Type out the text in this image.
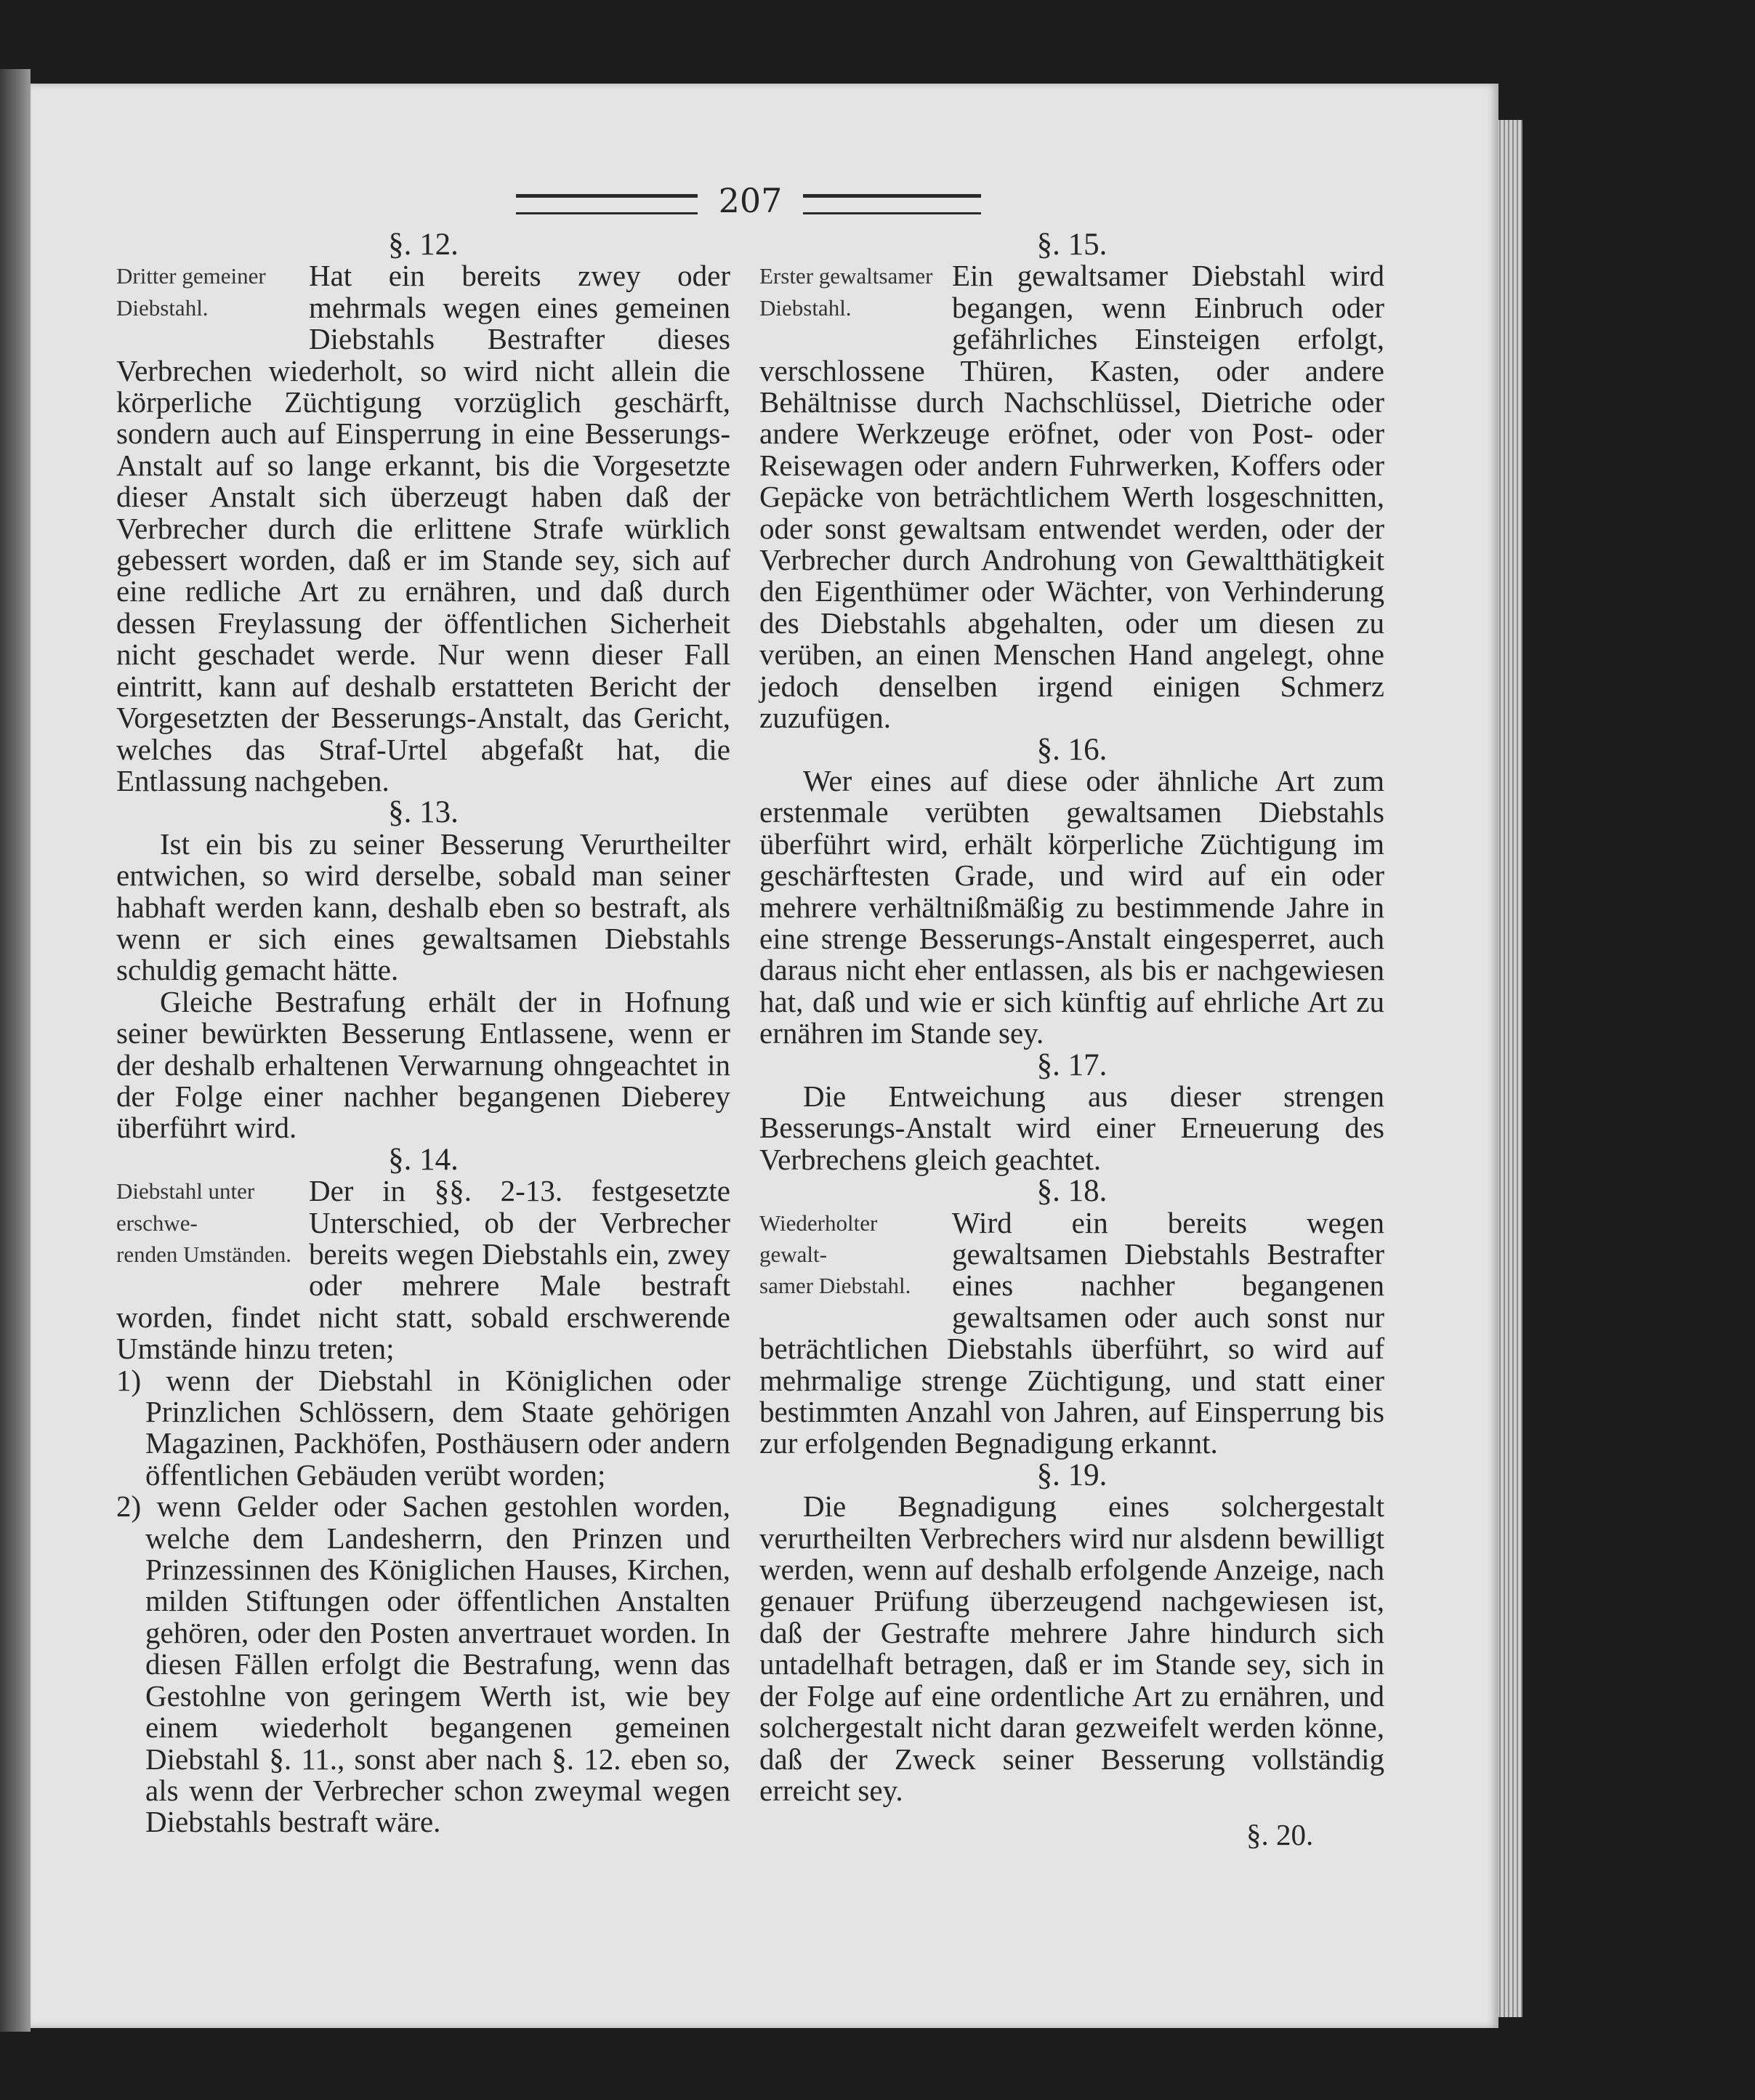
207
§. 12.
Dritter gemeiner
Diebstahl.
Hat ein bereits zwey oder mehrmals wegen eines gemeinen Diebstahls Bestrafter dieses Verbrechen wiederholt, so wird nicht allein die körperliche Züchtigung vorzüglich geschärft, sondern auch auf Einsperrung in eine Besserungs-Anstalt auf so lange erkannt, bis die Vorgesetzte dieser Anstalt sich überzeugt haben daß der Verbrecher durch die erlittene Strafe würklich gebessert worden, daß er im Stande sey, sich auf eine redliche Art zu ernähren, und daß durch dessen Freylassung der öffentlichen Sicherheit nicht geschadet werde. Nur wenn dieser Fall eintritt, kann auf deshalb erstatteten Bericht der Vorgesetzten der Besserungs-Anstalt, das Gericht, welches das Straf-Urtel abgefaßt hat, die Entlassung nachgeben.
§. 13.
Ist ein bis zu seiner Besserung Verurtheilter entwichen, so wird derselbe, sobald man seiner habhaft werden kann, deshalb eben so bestraft, als wenn er sich eines gewaltsamen Diebstahls schuldig gemacht hätte.
Gleiche Bestrafung erhält der in Hofnung seiner bewürkten Besserung Entlassene, wenn er der deshalb erhaltenen Verwarnung ohngeachtet in der Folge einer nachher begangenen Dieberey überführt wird.
§. 14.
Diebstahl unter erschwe-
renden Umständen.
Der in §§. 2-13. festgesetzte Unterschied, ob der Verbrecher bereits wegen Diebstahls ein, zwey oder mehrere Male bestraft worden, findet nicht statt, sobald erschwerende Umstände hinzu treten;
1) wenn der Diebstahl in Königlichen oder Prinzlichen Schlössern, dem Staate gehörigen Magazinen, Packhöfen, Posthäusern oder andern öffentlichen Gebäuden verübt worden;
2) wenn Gelder oder Sachen gestohlen worden, welche dem Landesherrn, den Prinzen und Prinzessinnen des Königlichen Hauses, Kirchen, milden Stiftungen oder öffentlichen Anstalten gehören, oder den Posten anvertrauet worden. In diesen Fällen erfolgt die Bestrafung, wenn das Gestohlne von geringem Werth ist, wie bey einem wiederholt begangenen gemeinen Diebstahl §. 11., sonst aber nach §. 12. eben so, als wenn der Verbrecher schon zweymal wegen Diebstahls bestraft wäre.
§. 15.
Erster gewaltsamer
Diebstahl.
Ein gewaltsamer Diebstahl wird begangen, wenn Einbruch oder gefährliches Einsteigen erfolgt, verschlossene Thüren, Kasten, oder andere Behältnisse durch Nachschlüssel, Dietriche oder andere Werkzeuge eröfnet, oder von Post- oder Reisewagen oder andern Fuhrwerken, Koffers oder Gepäcke von beträchtlichem Werth losgeschnitten, oder sonst gewaltsam entwendet werden, oder der Verbrecher durch Androhung von Gewaltthätigkeit den Eigenthümer oder Wächter, von Verhinderung des Diebstahls abgehalten, oder um diesen zu verüben, an einen Menschen Hand angelegt, ohne jedoch denselben irgend einigen Schmerz zuzufügen.
§. 16.
Wer eines auf diese oder ähnliche Art zum erstenmale verübten gewaltsamen Diebstahls überführt wird, erhält körperliche Züchtigung im geschärftesten Grade, und wird auf ein oder mehrere verhältnißmäßig zu bestimmende Jahre in eine strenge Besserungs-Anstalt eingesperret, auch daraus nicht eher entlassen, als bis er nachgewiesen hat, daß und wie er sich künftig auf ehrliche Art zu ernähren im Stande sey.
§. 17.
Die Entweichung aus dieser strengen Besserungs-Anstalt wird einer Erneuerung des Verbrechens gleich geachtet.
§. 18.
Wiederholter gewalt-
samer Diebstahl.
Wird ein bereits wegen gewaltsamen Diebstahls Bestrafter eines nachher begangenen gewaltsamen oder auch sonst nur beträchtlichen Diebstahls überführt, so wird auf mehrmalige strenge Züchtigung, und statt einer bestimmten Anzahl von Jahren, auf Einsperrung bis zur erfolgenden Begnadigung erkannt.
§. 19.
Die Begnadigung eines solchergestalt verurtheilten Verbrechers wird nur alsdenn bewilligt werden, wenn auf deshalb erfolgende Anzeige, nach genauer Prüfung überzeugend nachgewiesen ist, daß der Gestrafte mehrere Jahre hindurch sich untadelhaft betragen, daß er im Stande sey, sich in der Folge auf eine ordentliche Art zu ernähren, und solchergestalt nicht daran gezweifelt werden könne, daß der Zweck seiner Besserung vollständig erreicht sey.
§. 20.
